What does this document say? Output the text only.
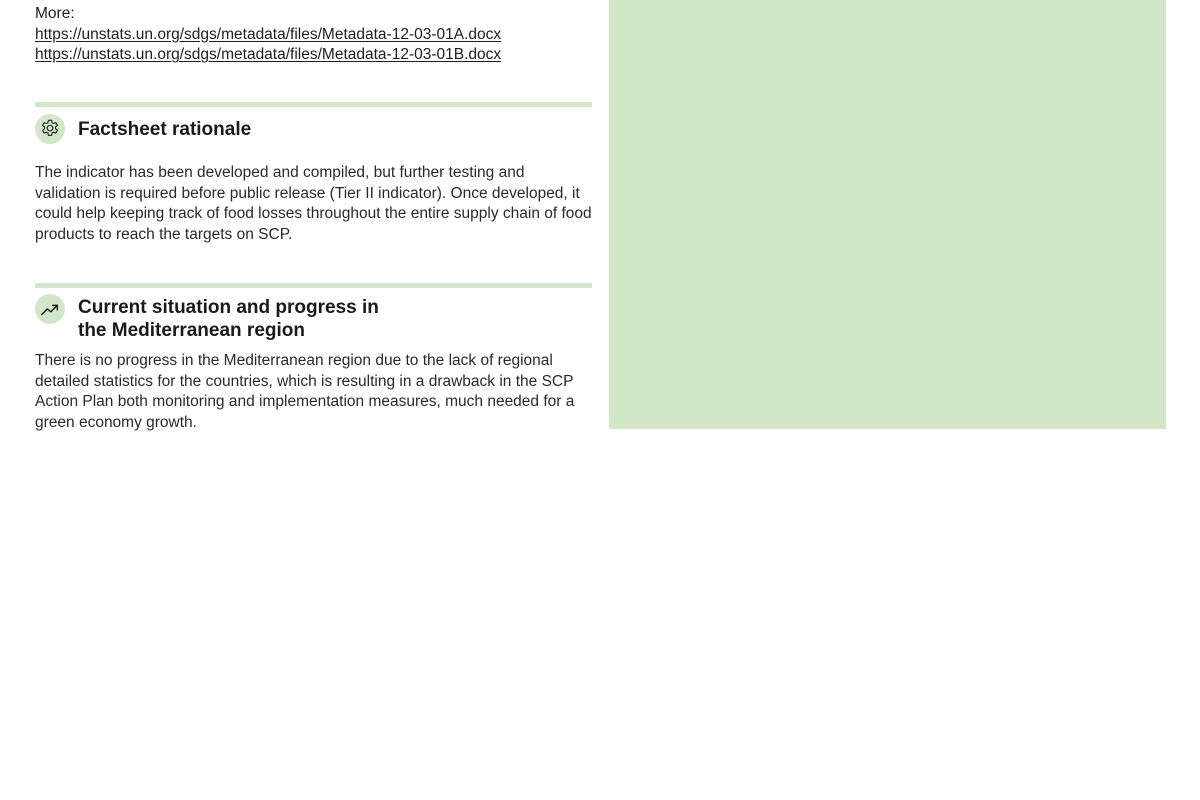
More:
https://unstats.un.org/sdgs/metadata/files/Metadata-12-03-01A.docx
https://unstats.un.org/sdgs/metadata/files/Metadata-12-03-01B.docx
Factsheet rationale
The indicator has been developed and compiled, but further testing and validation is required before public release (Tier II indicator). Once developed, it could help keeping track of food losses throughout the entire supply chain of food products to reach the targets on SCP.
Current situation and progress in
the Mediterranean region
There is no progress in the Mediterranean region due to the lack of regional detailed statistics for the countries, which is resulting in a drawback in the SCP Action Plan both monitoring and implementation measures, much needed for a green economy growth.
